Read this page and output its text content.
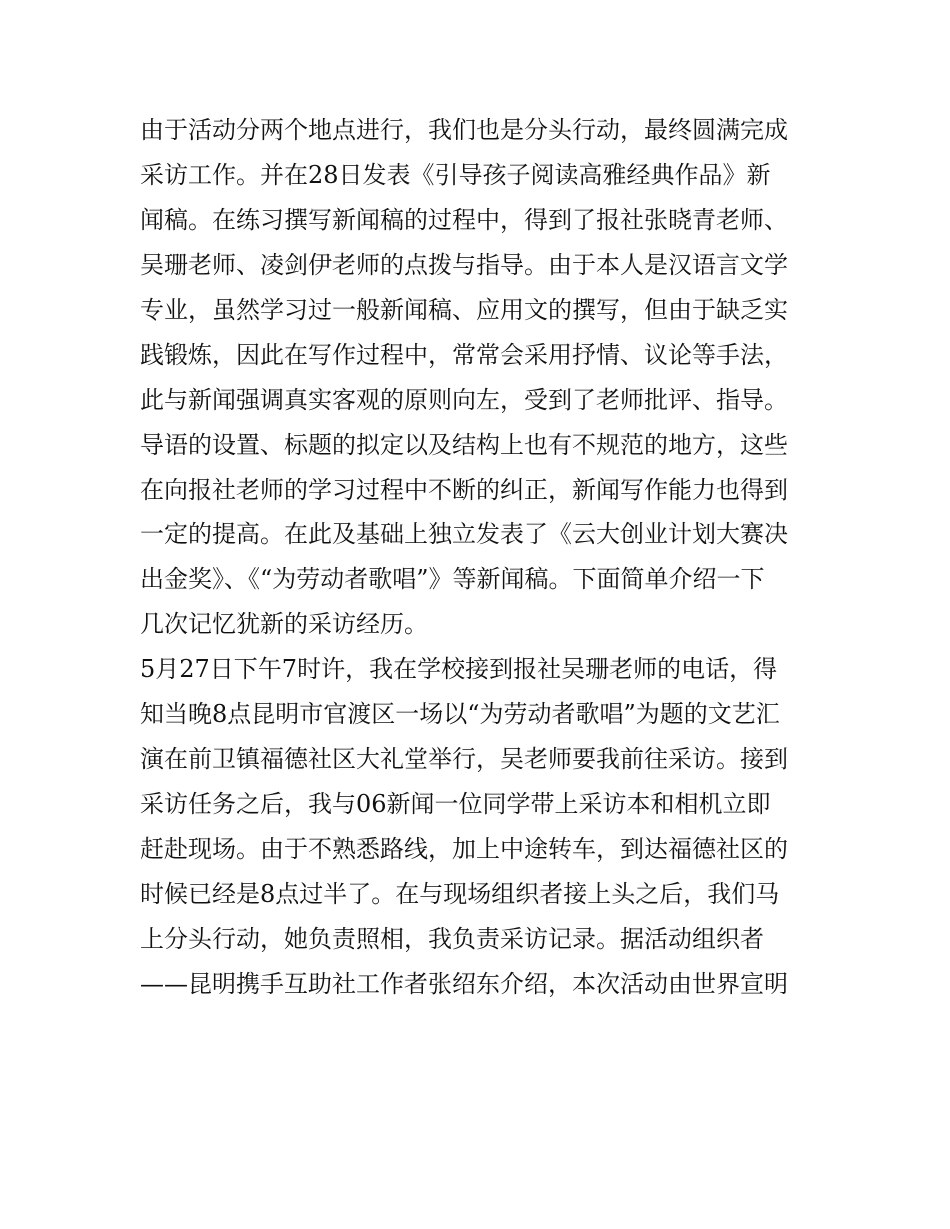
由于活动分两个地点进行，我们也是分头行动，最终圆满完成
采访工作。并在28日发表《引导孩子阅读高雅经典作品》新
闻稿。在练习撰写新闻稿的过程中，得到了报社张晓青老师、
吴珊老师、凌剑伊老师的点拨与指导。由于本人是汉语言文学
专业，虽然学习过一般新闻稿、应用文的撰写，但由于缺乏实
践锻炼，因此在写作过程中，常常会采用抒情、议论等手法，
此与新闻强调真实客观的原则向左，受到了老师批评、指导。
导语的设置、标题的拟定以及结构上也有不规范的地方，这些
在向报社老师的学习过程中不断的纠正，新闻写作能力也得到
一定的提高。在此及基础上独立发表了《云大创业计划大赛决
出金奖》、《“为劳动者歌唱”》等新闻稿。下面简单介绍一下
几次记忆犹新的采访经历。
5月27日下午7时许，我在学校接到报社吴珊老师的电话，得
知当晚8点昆明市官渡区一场以“为劳动者歌唱”为题的文艺汇
演在前卫镇福德社区大礼堂举行，吴老师要我前往采访。接到
采访任务之后，我与06新闻一位同学带上采访本和相机立即
赶赴现场。由于不熟悉路线，加上中途转车，到达福德社区的
时候已经是8点过半了。在与现场组织者接上头之后，我们马
上分头行动，她负责照相，我负责采访记录。据活动组织者
——昆明携手互助社工作者张绍东介绍，本次活动由世界宣明
